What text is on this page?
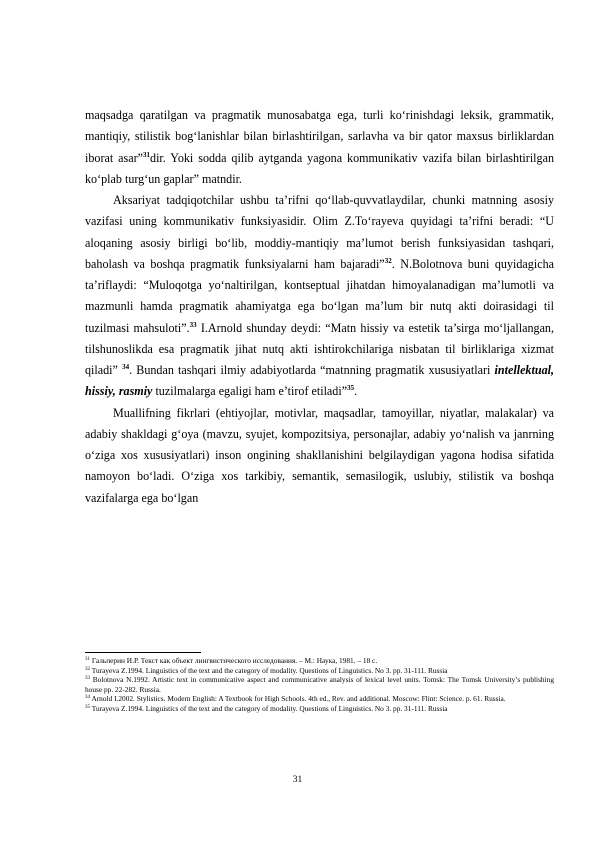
maqsadga qaratilgan va pragmatik munosabatga ega, turli ko‘rinishdagi leksik, grammatik, mantiqiy, stilistik bog‘lanishlar bilan birlashtirilgan, sarlavha va bir qator maxsus birliklardan iborat asar”$^{31}$dir. Yoki sodda qilib aytganda yagona kommunikativ vazifa bilan birlashtirilgan ko‘plab turg‘un gaplar” matndir.

Aksariyat tadqiqotchilar ushbu ta’rifni qo‘llab-quvvatlaydilar, chunki matnning asosiy vazifasi uning kommunikativ funksiyasidir. Olim Z.To‘rayeva quyidagi ta’rifni beradi: “U aloqaning asosiy birligi bo‘lib, moddiy-mantiqiy ma’lumot berish funksiyasidan tashqari, baholash va boshqa pragmatik funksiyalarni ham bajaradi”$^{32}$. N.Bolotnova buni quyidagicha ta’riflaydi: “Muloqotga yo‘naltirilgan, kontseptual jihatdan himoyalanadigan ma’lumotli va mazmunli hamda pragmatik ahamiyatga ega bo‘lgan ma’lum bir nutq akti doirasidagi til tuzilmasi mahsuloti”.$^{33}$ I.Arnold shunday deydi: “Matn hissiy va estetik ta’sirga mo‘ljallangan, tilshunoslikda esa pragmatik jihat nutq akti ishtirokchilariga nisbatan til birliklariga xizmat qiladi” $^{34}$. Bundan tashqari ilmiy adabiyotlarda “matnning pragmatik xususiyatlari intellektual, hissiy, rasmiy tuzilmalarga egaligi ham e’tirof etiladi”$^{35}$.

Muallifning fikrlari (ehtiyojlar, motivlar, maqsadlar, tamoyillar, niyatlar, malakalar) va adabiy shakldagi g‘oya (mavzu, syujet, kompozitsiya, personajlar, adabiy yo‘nalish va janrning o‘ziga xos xususiyatlari) inson ongining shakllanishini belgilaydigan yagona hodisa sifatida namoyon bo‘ladi. O‘ziga xos tarkibiy, semantik, semasilogik, uslubiy, stilistik va boshqa vazifalarga ega bo‘lgan

$^{31}$ Гальперин И.Р. Текст как объект лингвистического исследования. – М.: Наука, 1981. – 18 с.

$^{32}$ Turayeva Z.1994. Linguistics of the text and the category of modality. Questions of Linguistics. No 3. pp. 31-111. Russia

$^{33}$ Bolotnova N.1992. Artistic text in communicative aspect and communicative analysis of lexical level units. Tomsk: The Tomsk University’s publishing house pp. 22-282. Russia.

$^{34}$ Arnold I.2002. Stylistics. Modern English: A Textbook for High Schools. 4th ed., Rev. and additional. Moscow: Flint: Science. p. 61. Russia.

$^{35}$ Turayeva Z.1994. Linguistics of the text and the category of modality. Questions of Linguistics. No 3. pp. 31-111. Russia

31
